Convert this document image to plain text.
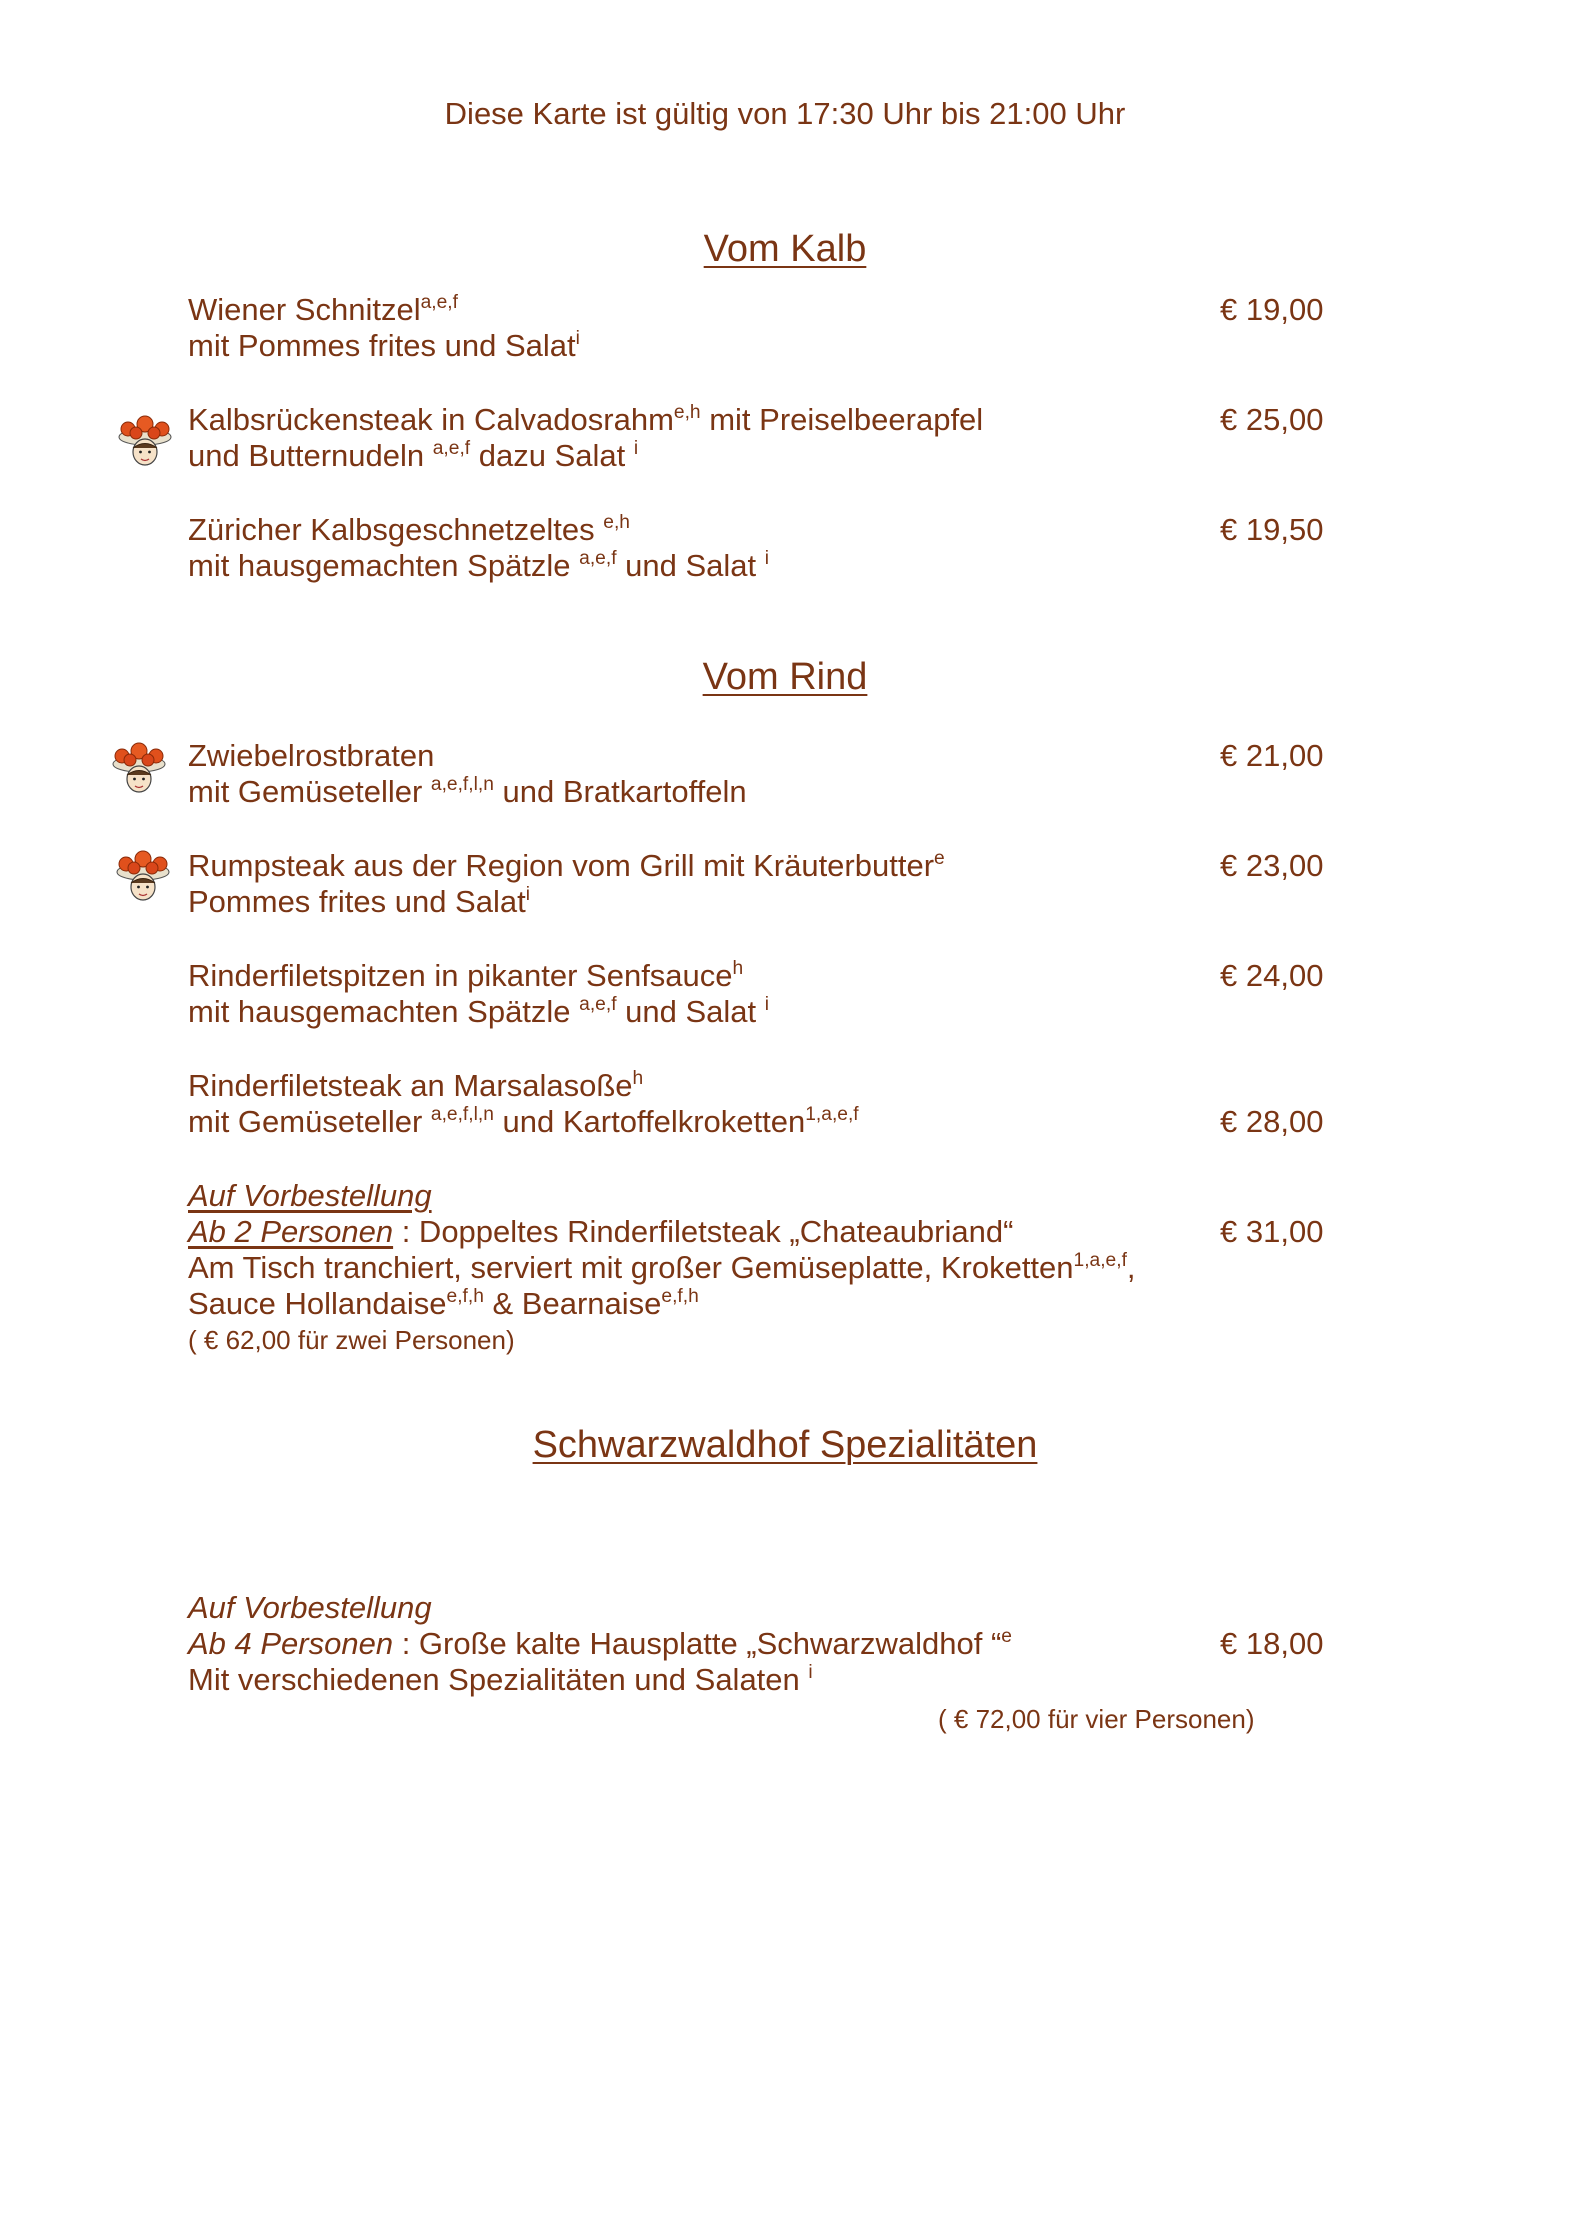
Diese Karte ist gültig von 17:30 Uhr bis 21:00 Uhr
Vom Kalb
Wiener Schnitzel$^{a,e,f}$
mit Pommes frites und Salat$^i$
€ 19,00
Kalbsrückensteak in Calvadosrahm$^{e,h}$ mit Preiselbeerapfel
und Butternudeln $^{a,e,f}$ dazu Salat $^i$
€ 25,00
Züricher Kalbsgeschnetzeltes $^{e,h}$
mit hausgemachten Spätzle $^{a,e,f}$ und Salat $^i$
€ 19,50
Vom Rind
Zwiebelrostbraten
mit Gemüseteller $^{a,e,f,l,n}$ und Bratkartoffeln
€ 21,00
Rumpsteak aus der Region vom Grill mit Kräuterbutter$^e$
Pommes frites und Salat$^i$
€ 23,00
Rinderfiletspitzen in pikanter Senfsauce$^h$
mit hausgemachten Spätzle $^{a,e,f}$ und Salat $^i$
€ 24,00
Rinderfiletsteak an Marsalasoße$^h$
mit Gemüseteller $^{a,e,f,l,n}$ und Kartoffelkroketten$^{1,a,e,f}$	€ 28,00
Auf Vorbestellung
Ab 2 Personen : Doppeltes Rinderfiletsteak „Chateaubriand“
Am Tisch tranchiert, serviert mit großer Gemüseplatte, Kroketten$^{1,a,e,f}$,
Sauce Hollandaise$^{e,f,h}$ & Bearnaise$^{e,f,h}$
( € 62,00 für zwei Personen)
€ 31,00
Schwarzwaldhof Spezialitäten
Auf Vorbestellung
Ab 4 Personen : Große kalte Hausplatte „Schwarzwaldhof “$^e$
Mit verschiedenen Spezialitäten und Salaten $^i$
( € 72,00 für vier Personen)
€ 18,00
